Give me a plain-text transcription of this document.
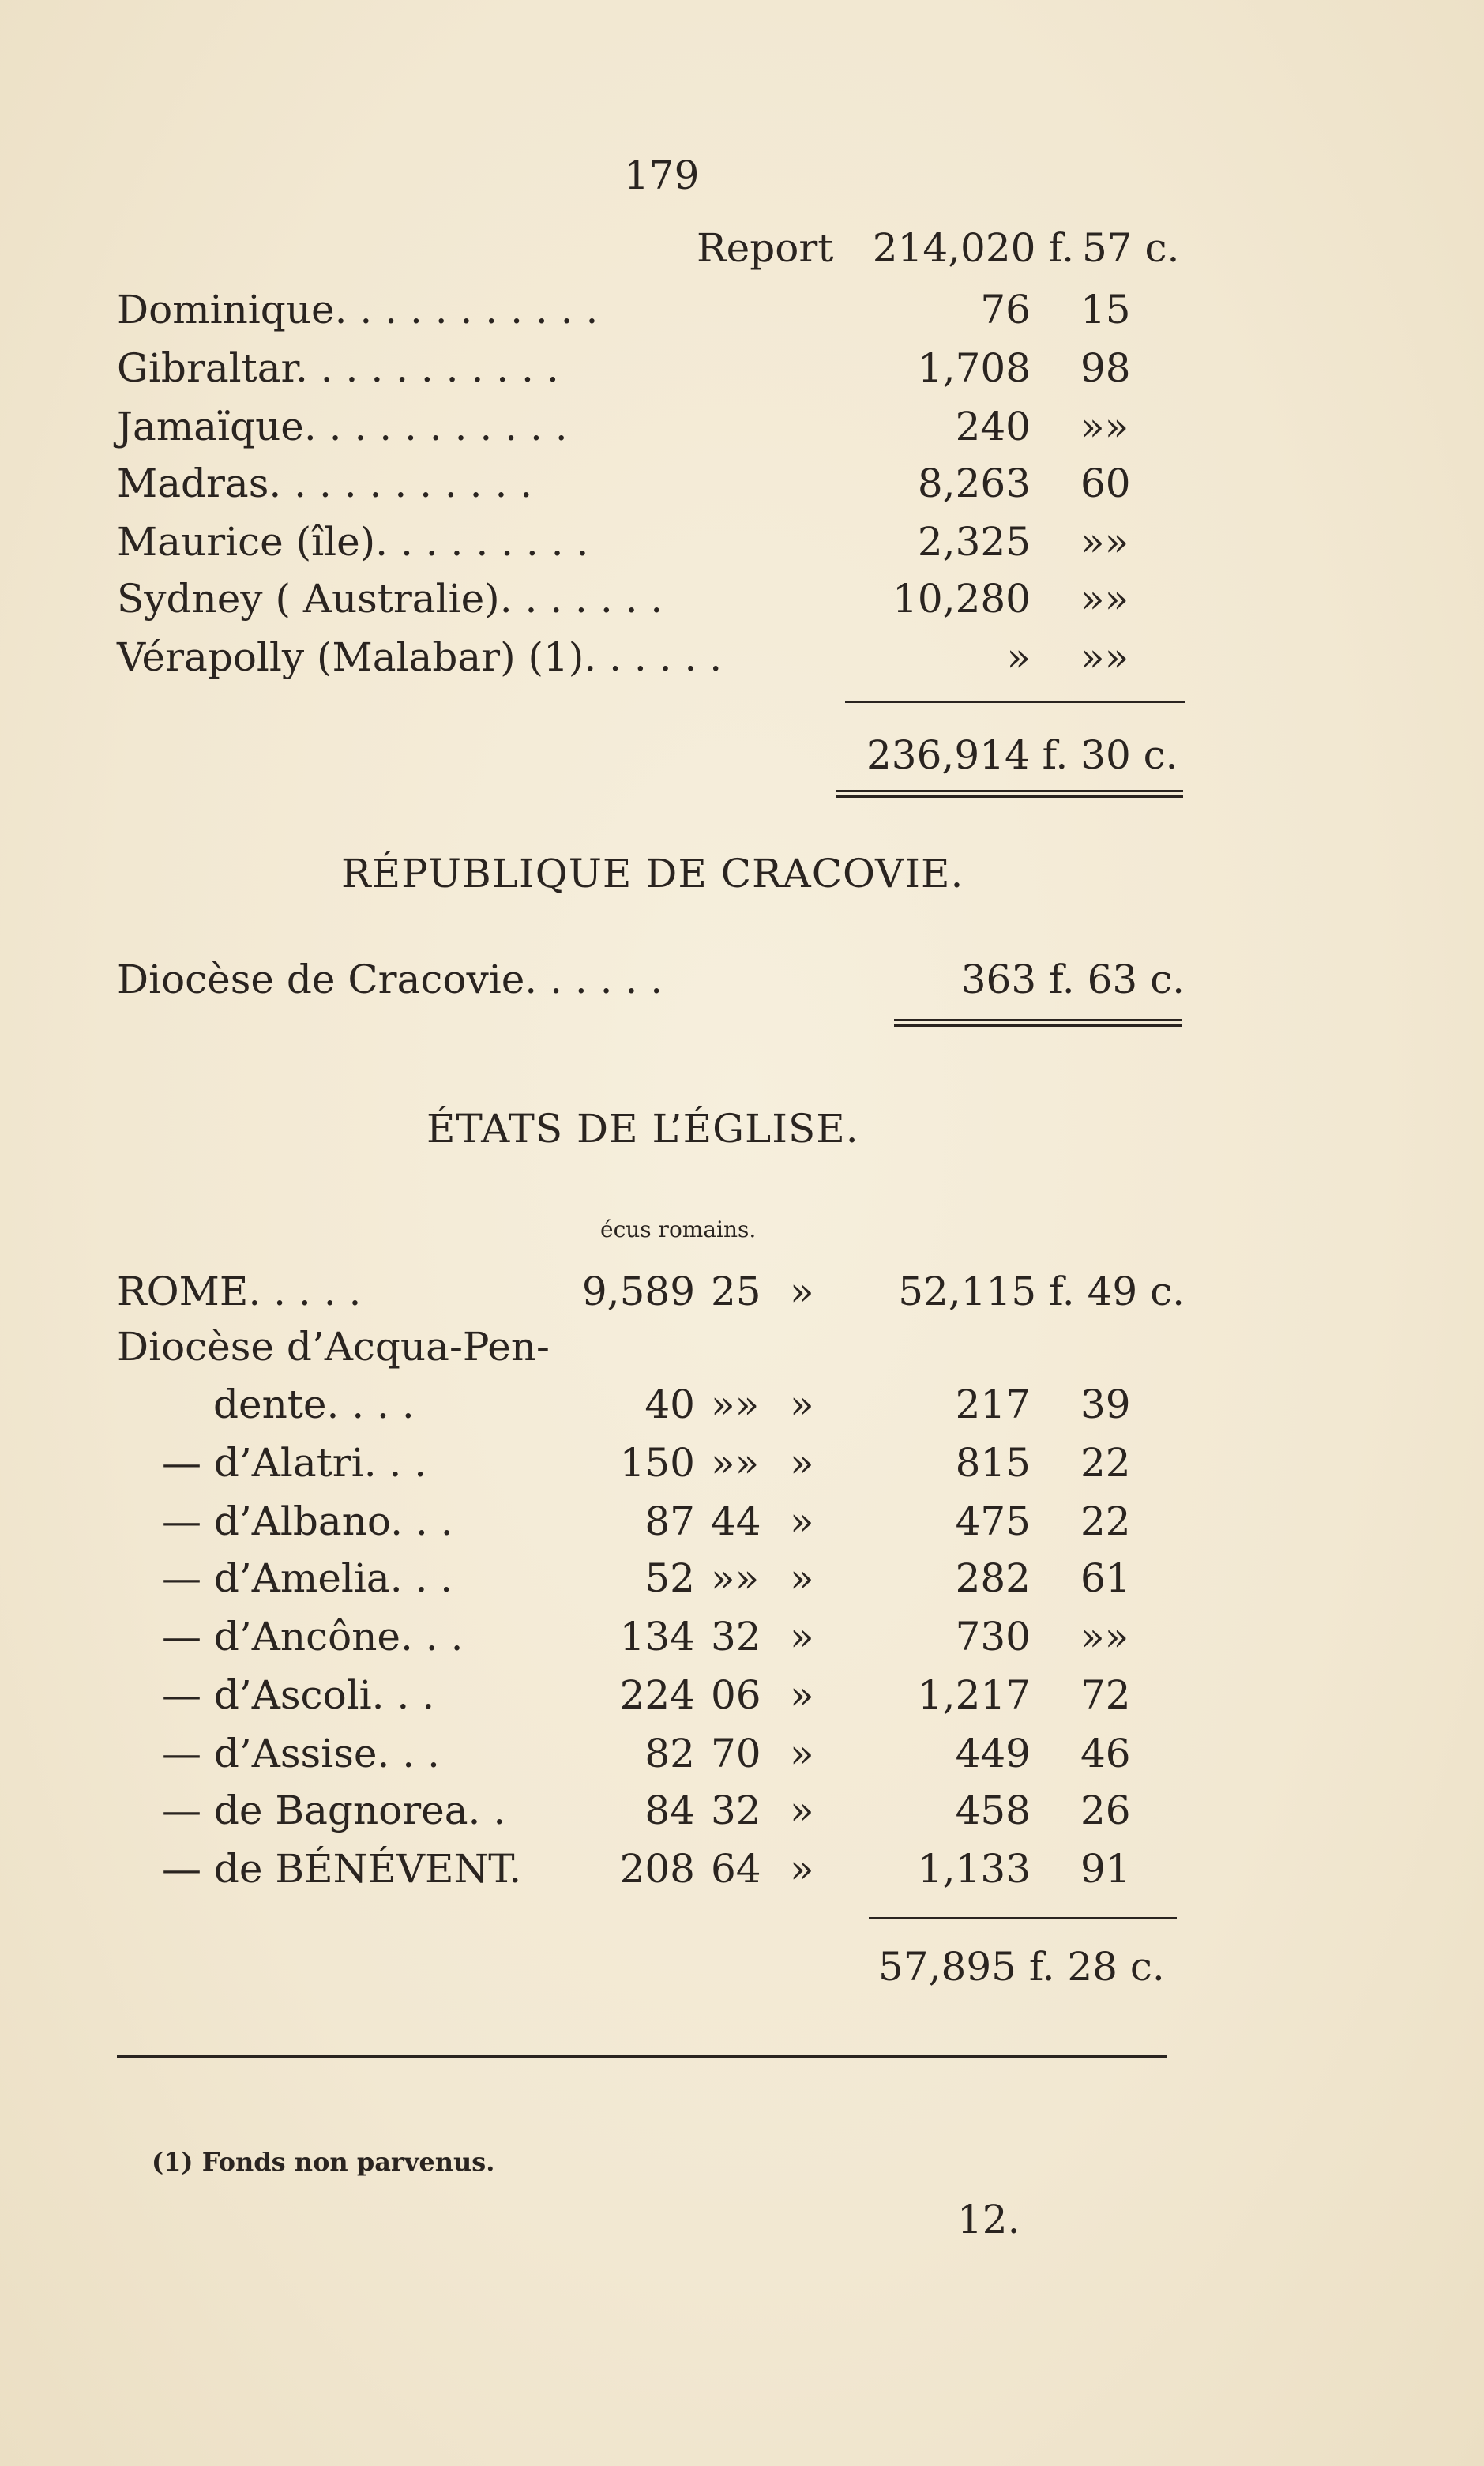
179
Report 214,020 f. 57 c.
Dominique. . . . . . . . . . .	76 15
Gibraltar. . . . . . . . . . .	1,708 98
Jamaïque. . . . . . . . . . .	240 »»
Madras. . . . . . . . . . .	8,263 60
Maurice (île). . . . . . . . .	2,325 »»
Sydney ( Australie). . . . . . .	10,280 »»
Vérapolly (Malabar) (1). . . . . .	» »»
236,914 f. 30 c.
RÉPUBLIQUE DE CRACOVIE.
Diocèse de Cracovie. . . . . .	363 f. 63 c.
ÉTATS DE L’ÉGLISE.
écus romains.
ROME. . . . .	9,589 25 »	52,115 f. 49 c.
Diocèse d’Acqua-Pen-
dente. . . .	40 »» »	217 39
— d’Alatri. . .	150 »» »	815 22
— d’Albano. . .	87 44 »	475 22
— d’Amelia. . .	52 »» »	282 61
— d’Ancône. . .	134 32 »	730 »»
— d’Ascoli. . .	224 06 »	1,217 72
— d’Assise. . .	82 70 »	449 46
— de Bagnorea. .	84 32 »	458 26
— de BÉNÉVENT.	208 64 »	1,133 91
57,895 f. 28 c.
(1) Fonds non parvenus.
12.
